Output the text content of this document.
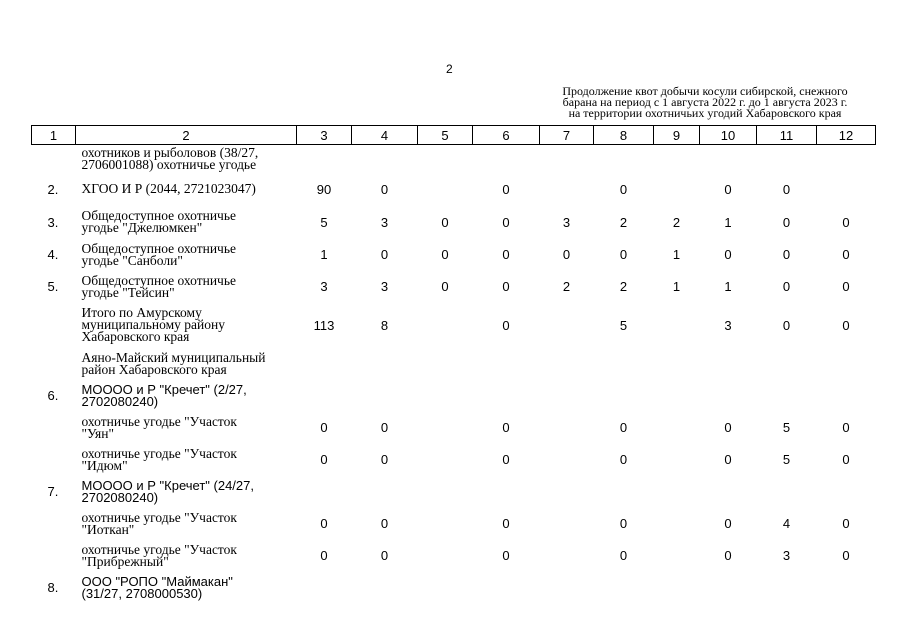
2
Продолжение квот добычи косули сибирской, снежного
барана на период с 1 августа 2022 г. до 1 августа 2023 г.
на территории охотничьих угодий Хабаровского края
1	2	3	4	5	6	7	8	9	10	11	12

	охотников и рыболовов (38/27,
2706001088) охотничье угодье										

2.	ХГОО И Р (2044, 2721023047)	90	0		0		0		0	0	
3.	Общедоступное охотничье
угодье "Джелюмкен"	5	3	0	0	3	2	2	1	0	0
4.	Общедоступное охотничье
угодье "Санболи"	1	0	0	0	0	0	1	0	0	0
5.	Общедоступное охотничье
угодье "Тейсин"	3	3	0	0	2	2	1	1	0	0

	Итого по Амурскому
муниципальному району
Хабаровского края	113	8		0		5		3	0	0

	Аяно-Майский муниципальный
район Хабаровского края										

6.	МОООО и Р "Кречет" (2/27,
2702080240)										

	охотничье угодье "Участок
"Уян"	0	0		0		0		0	5	0

	охотничье угодье "Участок
"Идюм"	0	0		0		0		0	5	0
7.	МОООО и Р "Кречет" (24/27,
2702080240)										

	охотничье угодье "Участок
"Иоткан"	0	0		0		0		0	4	0

	охотничье угодье "Участок
"Прибрежный"	0	0		0		0		0	3	0
8.	ООО "РОПО "Маймакан"
(31/27, 2708000530)										
